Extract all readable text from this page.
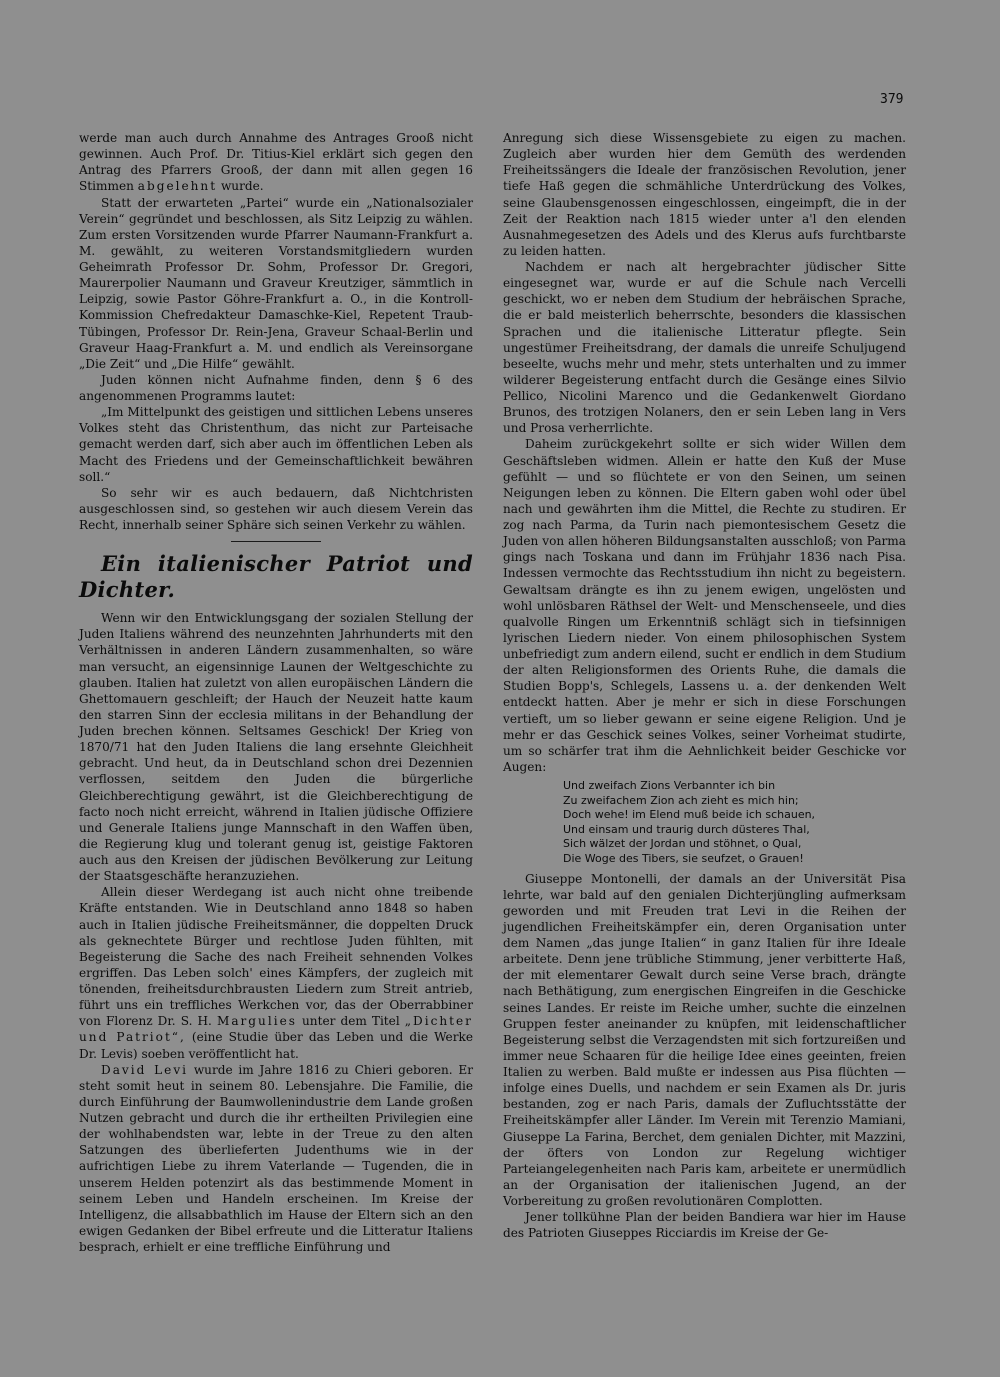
379

werde man auch durch Annahme des Antrages Grooß nicht gewinnen. Auch Prof. Dr. Titius-Kiel erklärt sich gegen den Antrag des Pfarrers Grooß, der dann mit allen gegen 16 Stimmen abgelehnt wurde.

Statt der erwarteten „Partei“ wurde ein „Nationalsozialer Verein“ gegründet und beschlossen, als Sitz Leipzig zu wählen. Zum ersten Vorsitzenden wurde Pfarrer Naumann-Frankfurt a. M. gewählt, zu weiteren Vorstandsmitgliedern wurden Geheimrath Professor Dr. Sohm, Professor Dr. Gregori, Maurerpolier Naumann und Graveur Kreutziger, sämmtlich in Leipzig, sowie Pastor Göhre-Frankfurt a. O., in die Kontroll-Kommission Chefredakteur Damaschke-Kiel, Repetent Traub-Tübingen, Professor Dr. Rein-Jena, Graveur Schaal-Berlin und Graveur Haag-Frankfurt a. M. und endlich als Vereinsorgane „Die Zeit“ und „Die Hilfe“ gewählt.

Juden können nicht Aufnahme finden, denn § 6 des angenommenen Programms lautet:

„Im Mittelpunkt des geistigen und sittlichen Lebens unseres Volkes steht das Christenthum, das nicht zur Parteisache gemacht werden darf, sich aber auch im öffentlichen Leben als Macht des Friedens und der Gemeinschaftlichkeit bewähren soll.“

So sehr wir es auch bedauern, daß Nichtchristen ausgeschlossen sind, so gestehen wir auch diesem Verein das Recht, innerhalb seiner Sphäre sich seinen Verkehr zu wählen.

Ein italienischer Patriot und Dichter.

Wenn wir den Entwicklungsgang der sozialen Stellung der Juden Italiens während des neunzehnten Jahrhunderts mit den Verhältnissen in anderen Ländern zusammenhalten, so wäre man versucht, an eigensinnige Launen der Weltgeschichte zu glauben. Italien hat zuletzt von allen europäischen Ländern die Ghettomauern geschleift; der Hauch der Neuzeit hatte kaum den starren Sinn der ecclesia militans in der Behandlung der Juden brechen können. Seltsames Geschick! Der Krieg von 1870/71 hat den Juden Italiens die lang ersehnte Gleichheit gebracht. Und heut, da in Deutschland schon drei Dezennien verflossen, seitdem den Juden die bürgerliche Gleichberechtigung gewährt, ist die Gleichberechtigung de facto noch nicht erreicht, während in Italien jüdische Offiziere und Generale Italiens junge Mannschaft in den Waffen üben, die Regierung klug und tolerant genug ist, geistige Faktoren auch aus den Kreisen der jüdischen Bevölkerung zur Leitung der Staatsgeschäfte heranzuziehen.

Allein dieser Werdegang ist auch nicht ohne treibende Kräfte entstanden. Wie in Deutschland anno 1848 so haben auch in Italien jüdische Freiheitsmänner, die doppelten Druck als geknechtete Bürger und rechtlose Juden fühlten, mit Begeisterung die Sache des nach Freiheit sehnenden Volkes ergriffen. Das Leben solch' eines Kämpfers, der zugleich mit tönenden, freiheitsdurchbrausten Liedern zum Streit antrieb, führt uns ein treffliches Werkchen vor, das der Oberrabbiner von Florenz Dr. S. H. Margulies unter dem Titel „Dichter und Patriot“, (eine Studie über das Leben und die Werke Dr. Levis) soeben veröffentlicht hat.

David Levi wurde im Jahre 1816 zu Chieri geboren. Er steht somit heut in seinem 80. Lebensjahre. Die Familie, die durch Einführung der Baumwollenindustrie dem Lande großen Nutzen gebracht und durch die ihr ertheilten Privilegien eine der wohlhabendsten war, lebte in der Treue zu den alten Satzungen des überlieferten Judenthums wie in der aufrichtigen Liebe zu ihrem Vaterlande — Tugenden, die in unserem Helden potenzirt als das bestimmende Moment in seinem Leben und Handeln erscheinen. Im Kreise der Intelligenz, die allsabbathlich im Hause der Eltern sich an den ewigen Gedanken der Bibel erfreute und die Litteratur Italiens besprach, erhielt er eine treffliche Einführung und

Anregung sich diese Wissensgebiete zu eigen zu machen. Zugleich aber wurden hier dem Gemüth des werdenden Freiheitssängers die Ideale der französischen Revolution, jener tiefe Haß gegen die schmähliche Unterdrückung des Volkes, seine Glaubensgenossen eingeschlossen, eingeimpft, die in der Zeit der Reaktion nach 1815 wieder unter a'l den elenden Ausnahmegesetzen des Adels und des Klerus aufs furchtbarste zu leiden hatten.

Nachdem er nach alt hergebrachter jüdischer Sitte eingesegnet war, wurde er auf die Schule nach Vercelli geschickt, wo er neben dem Studium der hebräischen Sprache, die er bald meisterlich beherrschte, besonders die klassischen Sprachen und die italienische Litteratur pflegte. Sein ungestümer Freiheitsdrang, der damals die unreife Schuljugend beseelte, wuchs mehr und mehr, stets unterhalten und zu immer wilderer Begeisterung entfacht durch die Gesänge eines Silvio Pellico, Nicolini Marenco und die Gedankenwelt Giordano Brunos, des trotzigen Nolaners, den er sein Leben lang in Vers und Prosa verherrlichte.

Daheim zurückgekehrt sollte er sich wider Willen dem Geschäftsleben widmen. Allein er hatte den Kuß der Muse gefühlt — und so flüchtete er von den Seinen, um seinen Neigungen leben zu können. Die Eltern gaben wohl oder übel nach und gewährten ihm die Mittel, die Rechte zu studiren. Er zog nach Parma, da Turin nach piemontesischem Gesetz die Juden von allen höheren Bildungsanstalten ausschloß; von Parma gings nach Toskana und dann im Frühjahr 1836 nach Pisa. Indessen vermochte das Rechtsstudium ihn nicht zu begeistern. Gewaltsam drängte es ihn zu jenem ewigen, ungelösten und wohl unlösbaren Räthsel der Welt- und Menschenseele, und dies qualvolle Ringen um Erkenntniß schlägt sich in tiefsinnigen lyrischen Liedern nieder. Von einem philosophischen System unbefriedigt zum andern eilend, sucht er endlich in dem Studium der alten Religionsformen des Orients Ruhe, die damals die Studien Bopp's, Schlegels, Lassens u. a. der denkenden Welt entdeckt hatten. Aber je mehr er sich in diese Forschungen vertieft, um so lieber gewann er seine eigene Religion. Und je mehr er das Geschick seines Volkes, seiner Vorheimat studirte, um so schärfer trat ihm die Aehnlichkeit beider Geschicke vor Augen:

Und zweifach Zions Verbannter ich bin
Zu zweifachem Zion ach zieht es mich hin;
Doch wehe! im Elend muß beide ich schauen,
Und einsam und traurig durch düsteres Thal,
Sich wälzet der Jordan und stöhnet, o Qual,
Die Woge des Tibers, sie seufzet, o Grauen!

Giuseppe Montonelli, der damals an der Universität Pisa lehrte, war bald auf den genialen Dichterjüngling aufmerksam geworden und mit Freuden trat Levi in die Reihen der jugendlichen Freiheitskämpfer ein, deren Organisation unter dem Namen „das junge Italien“ in ganz Italien für ihre Ideale arbeitete. Denn jene trübliche Stimmung, jener verbitterte Haß, der mit elementarer Gewalt durch seine Verse brach, drängte nach Bethätigung, zum energischen Eingreifen in die Geschicke seines Landes. Er reiste im Reiche umher, suchte die einzelnen Gruppen fester aneinander zu knüpfen, mit leidenschaftlicher Begeisterung selbst die Verzagendsten mit sich fortzureißen und immer neue Schaaren für die heilige Idee eines geeinten, freien Italien zu werben. Bald mußte er indessen aus Pisa flüchten — infolge eines Duells, und nachdem er sein Examen als Dr. juris bestanden, zog er nach Paris, damals der Zufluchtsstätte der Freiheitskämpfer aller Länder. Im Verein mit Terenzio Mamiani, Giuseppe La Farina, Berchet, dem genialen Dichter, mit Mazzini, der öfters von London zur Regelung wichtiger Parteiangelegenheiten nach Paris kam, arbeitete er unermüdlich an der Organisation der italienischen Jugend, an der Vorbereitung zu großen revolutionären Complotten.

Jener tollkühne Plan der beiden Bandiera war hier im Hause des Patrioten Giuseppes Ricciardis im Kreise der Ge-
